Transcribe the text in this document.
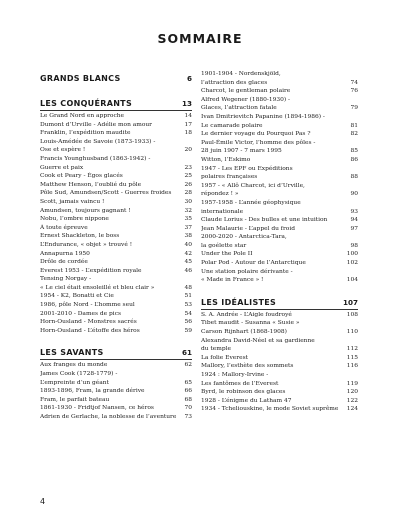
SOMMAIRE
GRANDS BLANCS	6
LES CONQUÉRANTS	13
Le Grand Nord en approche	14
Dumont d’Urville - Adélie mon amour	17
Franklin, l’expédition maudite	18
Louis-Amédée de Savoie (1873-1933) -
Ose et espère !	20
Francis Younghusband (1863-1942) -
Guerre et paix	23
Cook et Peary - Égos glacés	25
Matthew Henson, l’oublié du pôle	26
Pôle Sud, Amundsen/Scott - Guerres froides 28
Scott, jamais vaincu !	30
Amundsen, toujours gagnant !	32
Nobu, l’ombre nippone	35
À toute épreuve	37
Ernest Shackleton, le boss	38
L’Endurance, « objet » trouvé !	40
Annapurna 1950	42
Drôle de cordée	45
Everest 1953 - L’expédition royale	46
Tensing Norgay -
« Le ciel était ensoleillé et bleu clair »	48
1954 - K2, Bonatti et Cie	51
1986, pôle Nord - L’homme seul	53
2001-2010 - Dames de pics	54
Horn-Ousland - Monstres sacrés	56
Horn-Ousland - L’étoffe des héros	59
LES SAVANTS	61
Aux franges du monde	62
James Cook (1728-1779) -
L’empreinte d’un géant	65
1893-1896, Fram, la grande dérive	66
Fram, le parfait bateau	68
1861-1930 - Fridtjof Nansen, ce héros	70
Adrien de Gerlache, la noblesse de l’aventure 73
1901-1904 - Nordenskjöld,
l’attraction des glaces	74
Charcot, le gentleman polaire	76
Alfred Wegener (1880-1930) -
Glaces, l’attraction fatale	79
Ivan Dmitrievitch Papanine (1894-1986) -
Le camarade polaire	81
Le dernier voyage du Pourquoi Pas ?	82
Paul-Émile Victor, l’homme des pôles -
28 juin 1907 - 7 mars 1995	85
Witton, l’Eskimo	86
1947 - Les EPF ou Expéditions
polaires françaises	88
1957 - « Allô Charcot, ici d’Urville,
répondez ! »	90
1957-1958 - L’année géophysique
internationale	93
Claude Lorius - Des bulles et une intuition	94
Jean Malaurie - L’appel du froid	97
2000-2020 - Antarctica-Tara,
la goélette star	98
Under the Pole II	100
Polar Pod - Autour de l’Antarctique	102
Une station polaire dérivante -
« Made in France » !	104
LES IDÉALISTES	107
S. A. Andrée - L’Aigle foudroyé	108
Tibet maudit - Susanna « Susie »
Carson Rijnhart (1868-1908)	110
Alexandra David-Néel et sa gardienne
du temple	112
La folie Everest	115
Mallory, l’esthète des sommets	116
1924 : Mallory-Irvine -
Les fantômes de l’Everest	119
Byrd, le robinson des glaces	120
1928 - L’énigme du Latham 47	122
1934 - Tcheliouskine, le mode Soviet suprême 124
4
